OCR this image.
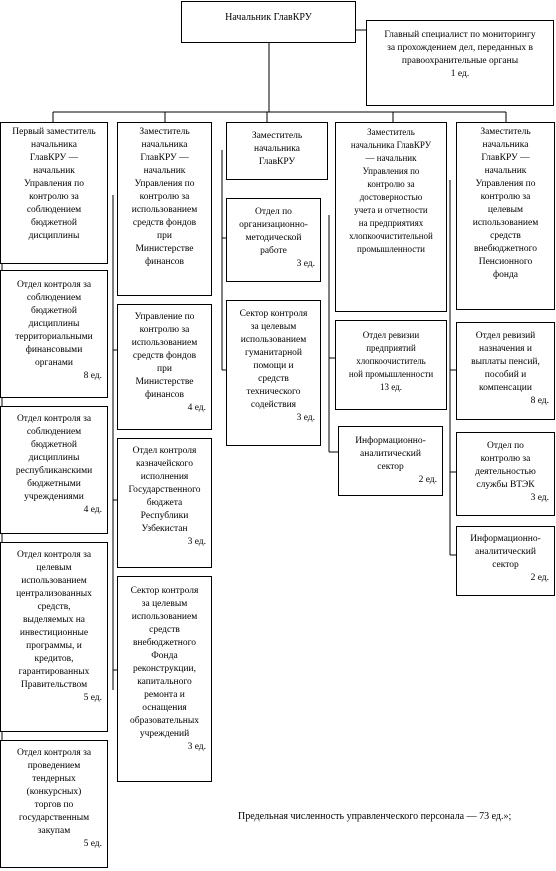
Начальник ГлавКРУ
Главный специалист по мониторингу
за прохождением дел, переданных в
правоохранительные органы
1 ед.
Первый заместитель
начальника
ГлавКРУ —
начальник
Управления по
контролю за
соблюдением
бюджетной
дисциплины
Отдел контроля за
соблюдением
бюджетной
дисциплины
территориальными
финансовыми
органами
8 ед.
Отдел контроля за
соблюдением
бюджетной
дисциплины
республиканскими
бюджетными
учреждениями
4 ед.
Отдел контроля за
целевым
использованием
централизованных
средств,
выделяемых на
инвестиционные
программы, и
кредитов,
гарантированных
Правительством
5 ед.
Отдел контроля за
проведением
тендерных
(конкурсных)
торгов по
государственным
закупам
5 ед.
Заместитель
начальника
ГлавКРУ —
начальник
Управления по
контролю за
использованием
средств фондов
при
Министерстве
финансов
Управление по
контролю за
использованием
средств фондов
при
Министерстве
финансов
4 ед.
Отдел контроля
казначейского
исполнения
Государственного
бюджета
Республики
Узбекистан
3 ед.
Сектор контроля
за целевым
использованием
средств
внебюджетного
Фонда
реконструкции,
капитального
ремонта и
оснащения
образовательных
учреждений
3 ед.
Заместитель
начальника
ГлавКРУ
Отдел по
организационно-
методической
работе
3 ед.
Сектор контроля
за целевым
использованием
гуманитарной
помощи и
средств
технического
содействия
3 ед.
Заместитель
начальника ГлавКРУ
— начальник
Управления по
контролю за
достоверностью
учета и отчетности
на предприятиях
хлопкоочистительной
промышленности
Отдел ревизии
предприятий
хлопкоочиститель
ной промышленности
13 ед.
Информационно-
аналитический
сектор
2 ед.
Заместитель
начальника
ГлавКРУ —
начальник
Управления по
контролю за
целевым
использованием
средств
внебюджетного
Пенсионного
фонда
Отдел ревизий
назначения и
выплаты пенсий,
пособий и
компенсации
8 ед.
Отдел по
контролю за
деятельностью
службы ВТЭК
3 ед.
Информационно-
аналитический
сектор
2 ед.
Предельная численность управленческого персонала — 73 ед.»;
